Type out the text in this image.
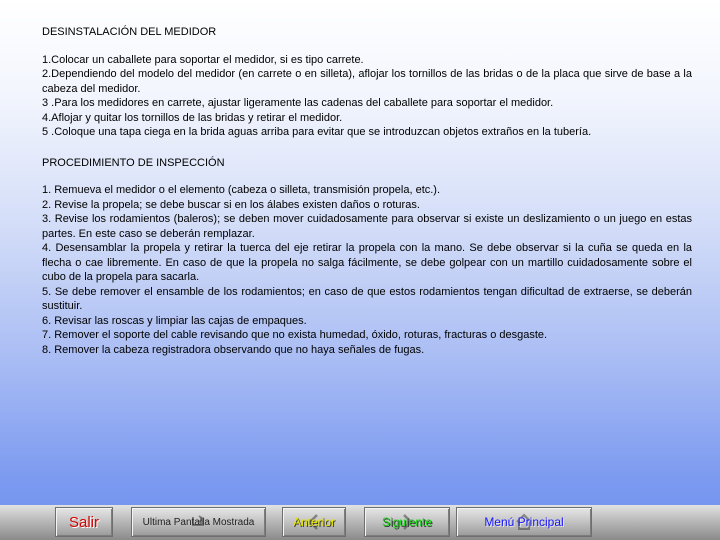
DESINSTALACIÓN DEL MEDIDOR

1.Colocar un caballete para soportar el medidor, si es tipo carrete.

2.Dependiendo del modelo del medidor (en carrete o en silleta), aflojar los tornillos de las bridas o de la placa que sirve de base a la cabeza del medidor.

3 .Para los medidores en carrete, ajustar ligeramente las cadenas del caballete para soportar el medidor.

4.Aflojar y quitar los tornillos de las bridas y retirar el medidor.

5 .Coloque una tapa ciega en la brida aguas arriba para evitar que se introduzcan objetos extraños en la tubería.

PROCEDIMIENTO DE INSPECCIÓN

1. Remueva el medidor o el elemento (cabeza o silleta, transmisión propela, etc.).

2. Revise la propela; se debe buscar si en los álabes existen daños o roturas.

3. Revise los rodamientos (baleros); se deben mover cuidadosamente para observar si existe un deslizamiento o un juego en estas partes. En este caso se deberán remplazar.

4. Desensamblar la propela y retirar la tuerca del eje retirar la propela con la mano. Se debe observar si la cuña se queda en la flecha o cae libremente. En caso de que la propela no salga fácilmente, se debe golpear con un martillo cuidadosamente sobre el cubo de la propela para sacarla.

5. Se debe remover el ensamble de los rodamientos; en caso de que estos rodamientos tengan dificultad de extraerse, se deberán sustituir.

6. Revisar las roscas y limpiar las cajas de empaques.

7. Remover el soporte del cable revisando que no exista humedad, óxido, roturas, fracturas o desgaste.

8. Remover la cabeza registradora observando que no haya señales de fugas.

Salir	Ultima Pantalla Mostrada	Anterior	Siguiente	Menú Principal
